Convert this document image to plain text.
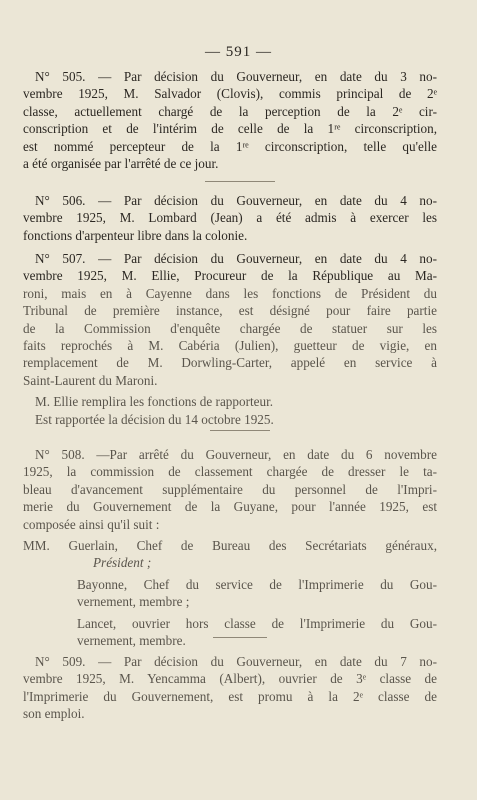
— 591 —
N° 505. — Par décision du Gouverneur, en date du 3 no-
vembre 1925, M. Salvador (Clovis), commis principal de 2ᵉ
classe, actuellement chargé de la perception de la 2ᵉ cir-
conscription et de l'intérim de celle de la 1ʳᵉ circonscription,
est nommé percepteur de la 1ʳᵉ circonscription, telle qu'elle
a été organisée par l'arrêté de ce jour.
N° 506. — Par décision du Gouverneur, en date du 4 no-
vembre 1925, M. Lombard (Jean) a été admis à exercer les
fonctions d'arpenteur libre dans la colonie.
N° 507. — Par décision du Gouverneur, en date du 4 no-
vembre 1925, M. Ellie, Procureur de la République au Ma-
roni, mais en à Cayenne dans les fonctions de Président du
Tribunal de première instance, est désigné pour faire partie
de la Commission d'enquête chargée de statuer sur les
faits reprochés à M. Cabéria (Julien), guetteur de vigie, en
remplacement de M. Dorwling-Carter, appelé en service à
Saint-Laurent du Maroni.
M. Ellie remplira les fonctions de rapporteur.
Est rapportée la décision du 14 octobre 1925.
N° 508. —Par arrêté du Gouverneur, en date du 6 novembre
1925, la commission de classement chargée de dresser le ta-
bleau d'avancement supplémentaire du personnel de l'Impri-
merie du Gouvernement de la Guyane, pour l'année 1925, est
composée ainsi qu'il suit :
MM. Guerlain, Chef de Bureau des Secrétariats généraux,
Président ;
Bayonne, Chef du service de l'Imprimerie du Gou-
vernement, membre ;
Lancet, ouvrier hors classe de l'Imprimerie du Gou-
vernement, membre.
N° 509. — Par décision du Gouverneur, en date du 7 no-
vembre 1925, M. Yencamma (Albert), ouvrier de 3ᵉ classe de
l'Imprimerie du Gouvernement, est promu à la 2ᵉ classe de
son emploi.
